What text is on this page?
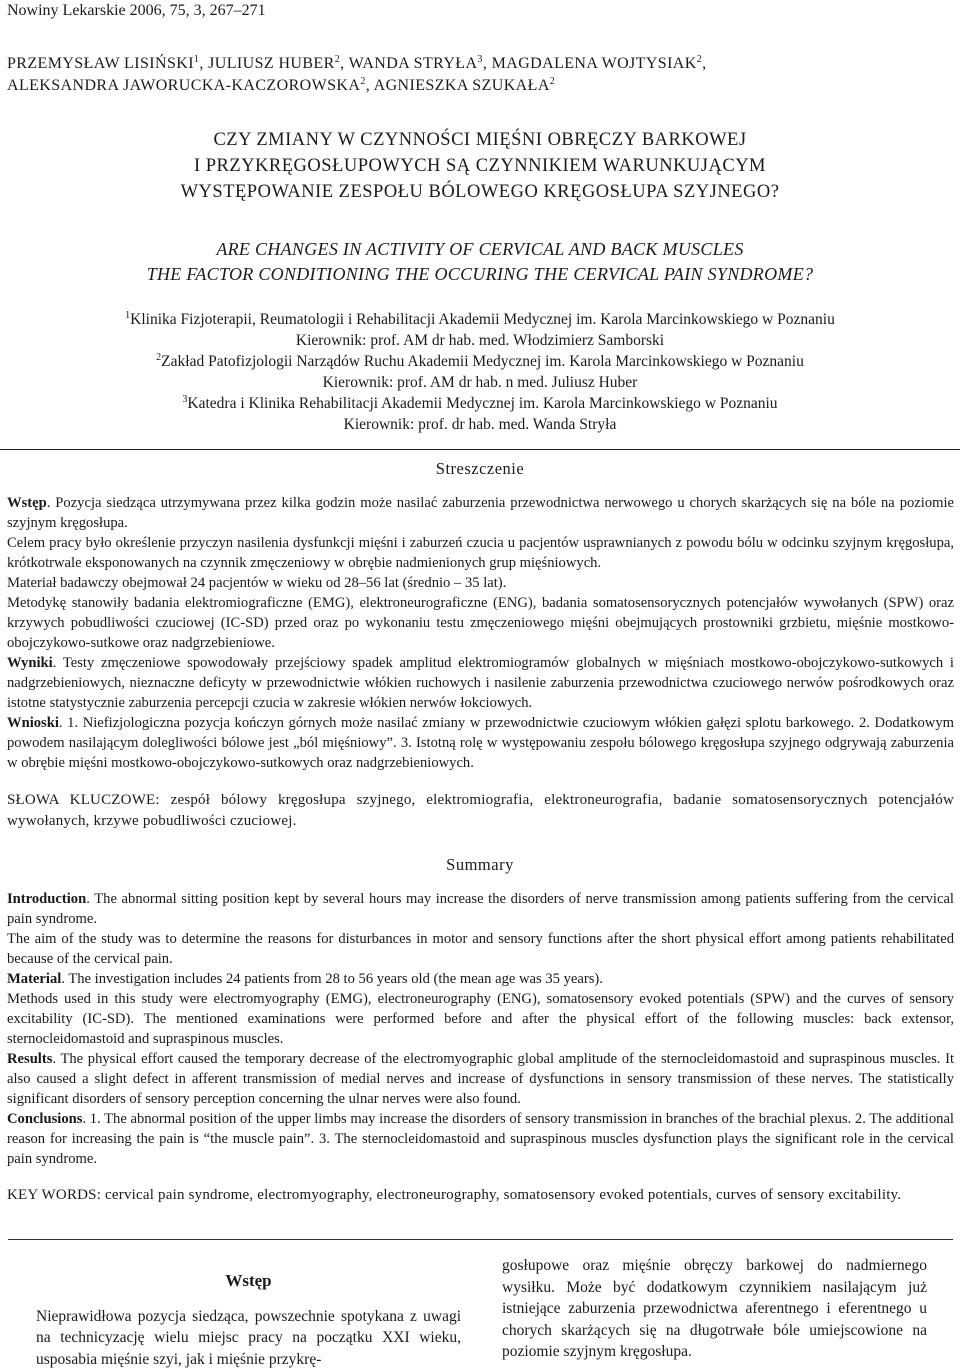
Nowiny Lekarskie 2006, 75, 3, 267–271
PRZEMYSŁAW LISIŃSKI$^1$, JULIUSZ HUBER$^2$, WANDA STRYŁA$^3$, MAGDALENA WOJTYSIAK$^2$,
ALEKSANDRA JAWORUCKA-KACZOROWSKA$^2$, AGNIESZKA SZUKAŁA$^2$
CZY ZMIANY W CZYNNOŚCI MIĘŚNI OBRĘCZY BARKOWEJ
I PRZYKRĘGOSŁUPOWYCH SĄ CZYNNIKIEM WARUNKUJĄCYM
WYSTĘPOWANIE ZESPOŁU BÓLOWEGO KRĘGOSŁUPA SZYJNEGO?
ARE CHANGES IN ACTIVITY OF CERVICAL AND BACK MUSCLES
THE FACTOR CONDITIONING THE OCCURING THE CERVICAL PAIN SYNDROME?
$^1$Klinika Fizjoterapii, Reumatologii i Rehabilitacji Akademii Medycznej im. Karola Marcinkowskiego w Poznaniu
Kierownik: prof. AM dr hab. med. Włodzimierz Samborski
$^2$Zakład Patofizjologii Narządów Ruchu Akademii Medycznej im. Karola Marcinkowskiego w Poznaniu
Kierownik: prof. AM dr hab. n med. Juliusz Huber
$^3$Katedra i Klinika Rehabilitacji Akademii Medycznej im. Karola Marcinkowskiego w Poznaniu
Kierownik: prof. dr hab. med. Wanda Stryła
Streszczenie

Wstęp. Pozycja siedząca utrzymywana przez kilka godzin może nasilać zaburzenia przewodnictwa nerwowego u chorych skarżących się na bóle na poziomie szyjnym kręgosłupa.

Celem pracy było określenie przyczyn nasilenia dysfunkcji mięśni i zaburzeń czucia u pacjentów usprawnianych z powodu bólu w odcinku szyjnym kręgosłupa, krótkotrwale eksponowanych na czynnik zmęczeniowy w obrębie nadmienionych grup mięśniowych.

Materiał badawczy obejmował 24 pacjentów w wieku od 28–56 lat (średnio – 35 lat).

Metodykę stanowiły badania elektromiograficzne (EMG), elektroneurograficzne (ENG), badania somatosensorycznych potencjałów wywołanych (SPW) oraz krzywych pobudliwości czuciowej (IC-SD) przed oraz po wykonaniu testu zmęczeniowego mięśni obejmujących prostowniki grzbietu, mięśnie mostkowo-obojczykowo-sutkowe oraz nadgrzebieniowe.

Wyniki. Testy zmęczeniowe spowodowały przejściowy spadek amplitud elektromiogramów globalnych w mięśniach mostkowo-obojczykowo-sutkowych i nadgrzebieniowych, nieznaczne deficyty w przewodnictwie włókien ruchowych i nasilenie zaburzenia przewodnictwa czuciowego nerwów pośrodkowych oraz istotne statystycznie zaburzenia percepcji czucia w zakresie włókien nerwów łokciowych.

Wnioski. 1. Niefizjologiczna pozycja kończyn górnych może nasilać zmiany w przewodnictwie czuciowym włókien gałęzi splotu barkowego. 2. Dodatkowym powodem nasilającym dolegliwości bólowe jest „ból mięśniowy”. 3. Istotną rolę w występowaniu zespołu bólowego kręgosłupa szyjnego odgrywają zaburzenia w obrębie mięśni mostkowo-obojczykowo-sutkowych oraz nadgrzebieniowych.

SŁOWA KLUCZOWE: zespół bólowy kręgosłupa szyjnego, elektromiografia, elektroneurografia, badanie somatosensorycznych potencjałów wywołanych, krzywe pobudliwości czuciowej.
Summary

Introduction. The abnormal sitting position kept by several hours may increase the disorders of nerve transmission among patients suffering from the cervical pain syndrome.

The aim of the study was to determine the reasons for disturbances in motor and sensory functions after the short physical effort among patients rehabilitated because of the cervical pain.

Material. The investigation includes 24 patients from 28 to 56 years old (the mean age was 35 years).

Methods used in this study were electromyography (EMG), electroneurography (ENG), somatosensory evoked potentials (SPW) and the curves of sensory excitability (IC-SD). The mentioned examinations were performed before and after the physical effort of the following muscles: back extensor, sternocleidomastoid and supraspinous muscles.

Results. The physical effort caused the temporary decrease of the electromyographic global amplitude of the sternocleidomastoid and supraspinous muscles. It also caused a slight defect in afferent transmission of medial nerves and increase of dysfunctions in sensory transmission of these nerves. The statistically significant disorders of sensory perception concerning the ulnar nerves were also found.

Conclusions. 1. The abnormal position of the upper limbs may increase the disorders of sensory transmission in branches of the brachial plexus. 2. The additional reason for increasing the pain is “the muscle pain”. 3. The sternocleidomastoid and supraspinous muscles dysfunction plays the significant role in the cervical pain syndrome.

KEY WORDS: cervical pain syndrome, electromyography, electroneurography, somatosensory evoked potentials, curves of sensory excitability.
Wstęp

Nieprawidłowa pozycja siedząca, powszechnie spotykana z uwagi na technicyzację wielu miejsc pracy na początku XXI wieku, usposabia mięśnie szyi, jak i mięśnie przykrę-

gosłupowe oraz mięśnie obręczy barkowej do nadmiernego wysiłku. Może być dodatkowym czynnikiem nasilającym już istniejące zaburzenia przewodnictwa aferentnego i eferentnego u chorych skarżących się na długotrwałe bóle umiejscowione na poziomie szyjnym kręgosłupa.
